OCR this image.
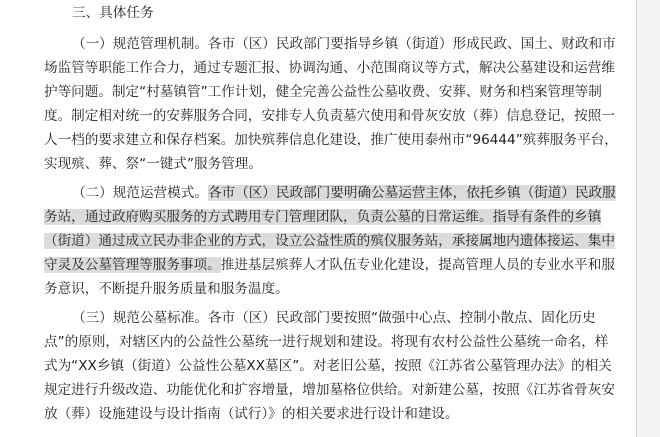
三、具体任务
（一）规范管理机制。各市（区）民政部门要指导乡镇（街道）形成民政、国土、财政和市
场监管等职能工作合力，通过专题汇报、协调沟通、小范围商议等方式，解决公墓建设和运营维
护等问题。制定“村墓镇管”工作计划，健全完善公益性公墓收费、安葬、财务和档案管理等制
度。制定相对统一的安葬服务合同，安排专人负责墓穴使用和骨灰安放（葬）信息登记，按照一
人一档的要求建立和保存档案。加快殡葬信息化建设，推广使用泰州市“96444”殡葬服务平台，
实现殡、葬、祭“一键式”服务管理。
（二）规范运营模式。各市（区）民政部门要明确公墓运营主体，依托乡镇（街道）民政服
务站，通过政府购买服务的方式聘用专门管理团队，负责公墓的日常运维。指导有条件的乡镇
（街道）通过成立民办非企业的方式，设立公益性质的殡仪服务站，承接属地内遗体接运、集中
守灵及公墓管理等服务事项。推进基层殡葬人才队伍专业化建设，提高管理人员的专业水平和服
务意识，不断提升服务质量和服务温度。
（三）规范公墓标准。各市（区）民政部门要按照“做强中心点、控制小散点、固化历史
点”的原则，对辖区内的公益性公墓统一进行规划和建设。将现有农村公益性公墓统一命名，样
式为“XX乡镇（街道）公益性公墓XX墓区”。对老旧公墓，按照《江苏省公墓管理办法》的相关
规定进行升级改造、功能优化和扩容增量，增加墓格位供给。对新建公墓，按照《江苏省骨灰安
放（葬）设施建设与设计指南（试行）》的相关要求进行设计和建设。
